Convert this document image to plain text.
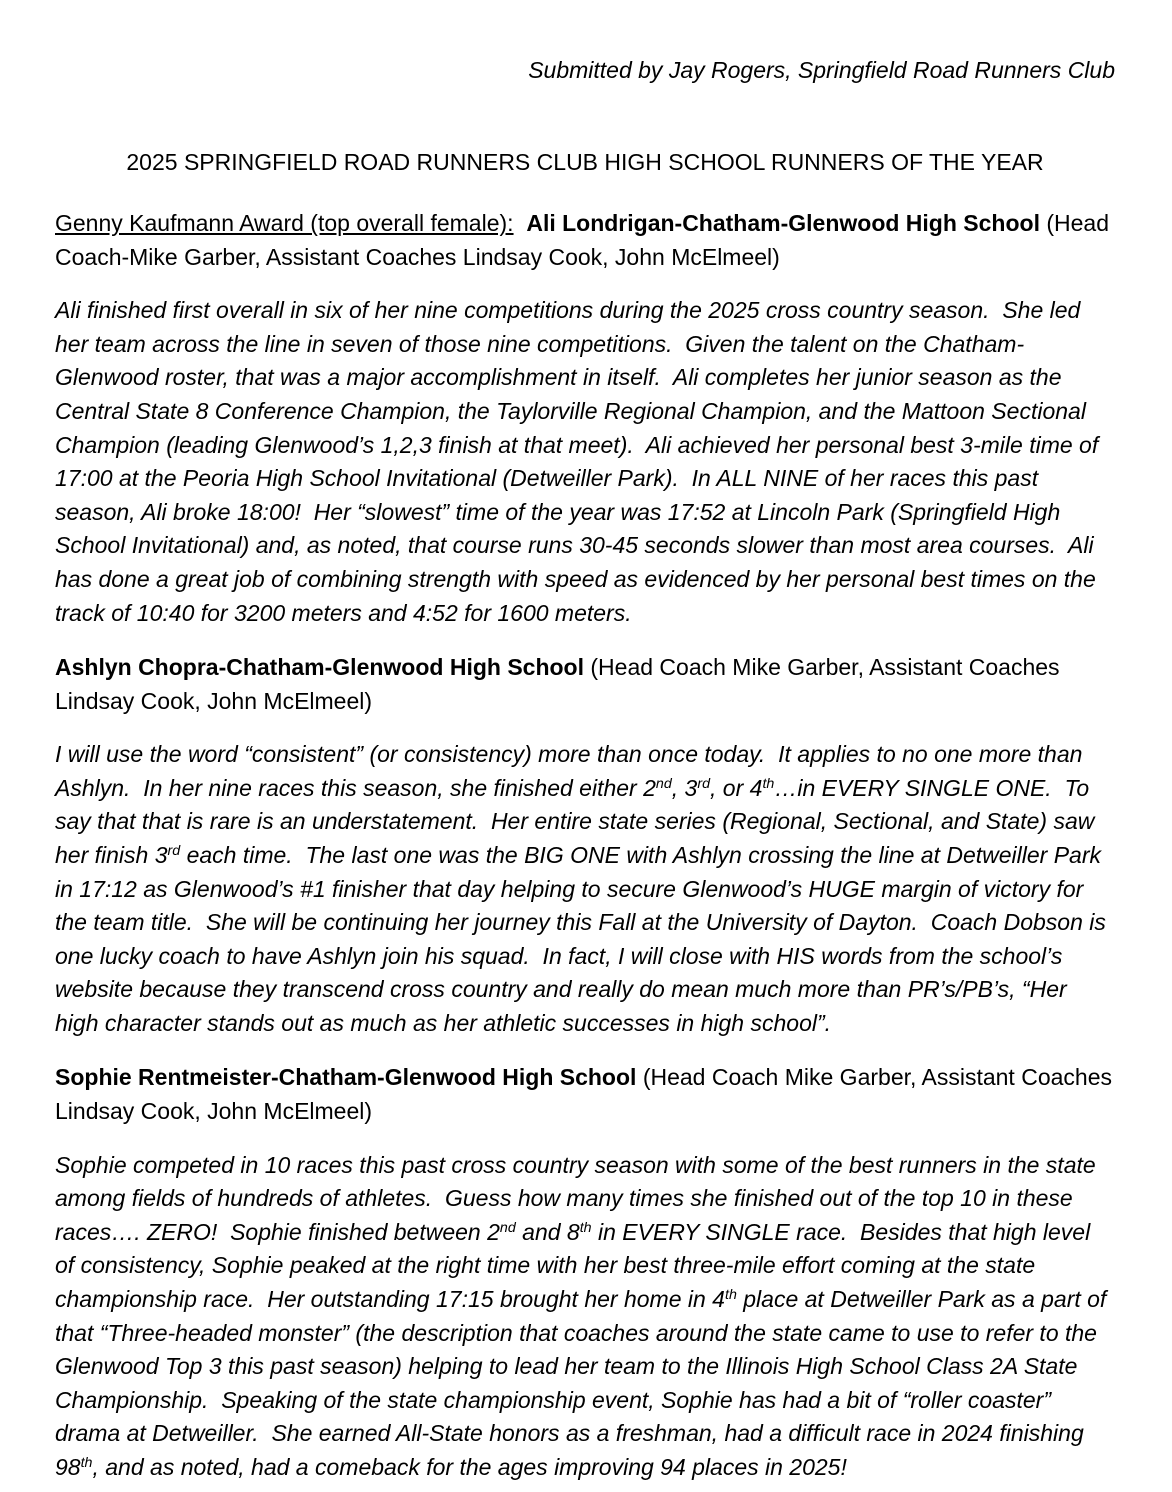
Submitted by Jay Rogers, Springfield Road Runners Club

2025 SPRINGFIELD ROAD RUNNERS CLUB HIGH SCHOOL RUNNERS OF THE YEAR

Genny Kaufmann Award (top overall female): Ali Londrigan-Chatham-Glenwood High School (Head Coach-Mike Garber, Assistant Coaches Lindsay Cook, John McElmeel)

Ali finished first overall in six of her nine competitions during the 2025 cross country season.  She led her team across the line in seven of those nine competitions.  Given the talent on the Chatham-Glenwood roster, that was a major accomplishment in itself.  Ali completes her junior season as the Central State 8 Conference Champion, the Taylorville Regional Champion, and the Mattoon Sectional Champion (leading Glenwood’s 1,2,3 finish at that meet).  Ali achieved her personal best 3-mile time of 17:00 at the Peoria High School Invitational (Detweiller Park).  In ALL NINE of her races this past season, Ali broke 18:00!  Her “slowest” time of the year was 17:52 at Lincoln Park (Springfield High School Invitational) and, as noted, that course runs 30-45 seconds slower than most area courses.  Ali has done a great job of combining strength with speed as evidenced by her personal best times on the track of 10:40 for 3200 meters and 4:52 for 1600 meters.

Ashlyn Chopra-Chatham-Glenwood High School (Head Coach Mike Garber, Assistant Coaches Lindsay Cook, John McElmeel)

I will use the word “consistent” (or consistency) more than once today.  It applies to no one more than Ashlyn.  In her nine races this season, she finished either 2nd, 3rd, or 4th…in EVERY SINGLE ONE.  To say that that is rare is an understatement.  Her entire state series (Regional, Sectional, and State) saw her finish 3rd each time.  The last one was the BIG ONE with Ashlyn crossing the line at Detweiller Park in 17:12 as Glenwood’s #1 finisher that day helping to secure Glenwood’s HUGE margin of victory for the team title.  She will be continuing her journey this Fall at the University of Dayton.  Coach Dobson is one lucky coach to have Ashlyn join his squad.  In fact, I will close with HIS words from the school’s website because they transcend cross country and really do mean much more than PR’s/PB’s, “Her high character stands out as much as her athletic successes in high school”.

Sophie Rentmeister-Chatham-Glenwood High School (Head Coach Mike Garber, Assistant Coaches Lindsay Cook, John McElmeel)

Sophie competed in 10 races this past cross country season with some of the best runners in the state among fields of hundreds of athletes.  Guess how many times she finished out of the top 10 in these races…. ZERO!  Sophie finished between 2nd and 8th in EVERY SINGLE race.  Besides that high level of consistency, Sophie peaked at the right time with her best three-mile effort coming at the state championship race.  Her outstanding 17:15 brought her home in 4th place at Detweiller Park as a part of that “Three-headed monster” (the description that coaches around the state came to use to refer to the Glenwood Top 3 this past season) helping to lead her team to the Illinois High School Class 2A State Championship.  Speaking of the state championship event, Sophie has had a bit of “roller coaster” drama at Detweiller.  She earned All-State honors as a freshman, had a difficult race in 2024 finishing 98th, and as noted, had a comeback for the ages improving 94 places in 2025!
